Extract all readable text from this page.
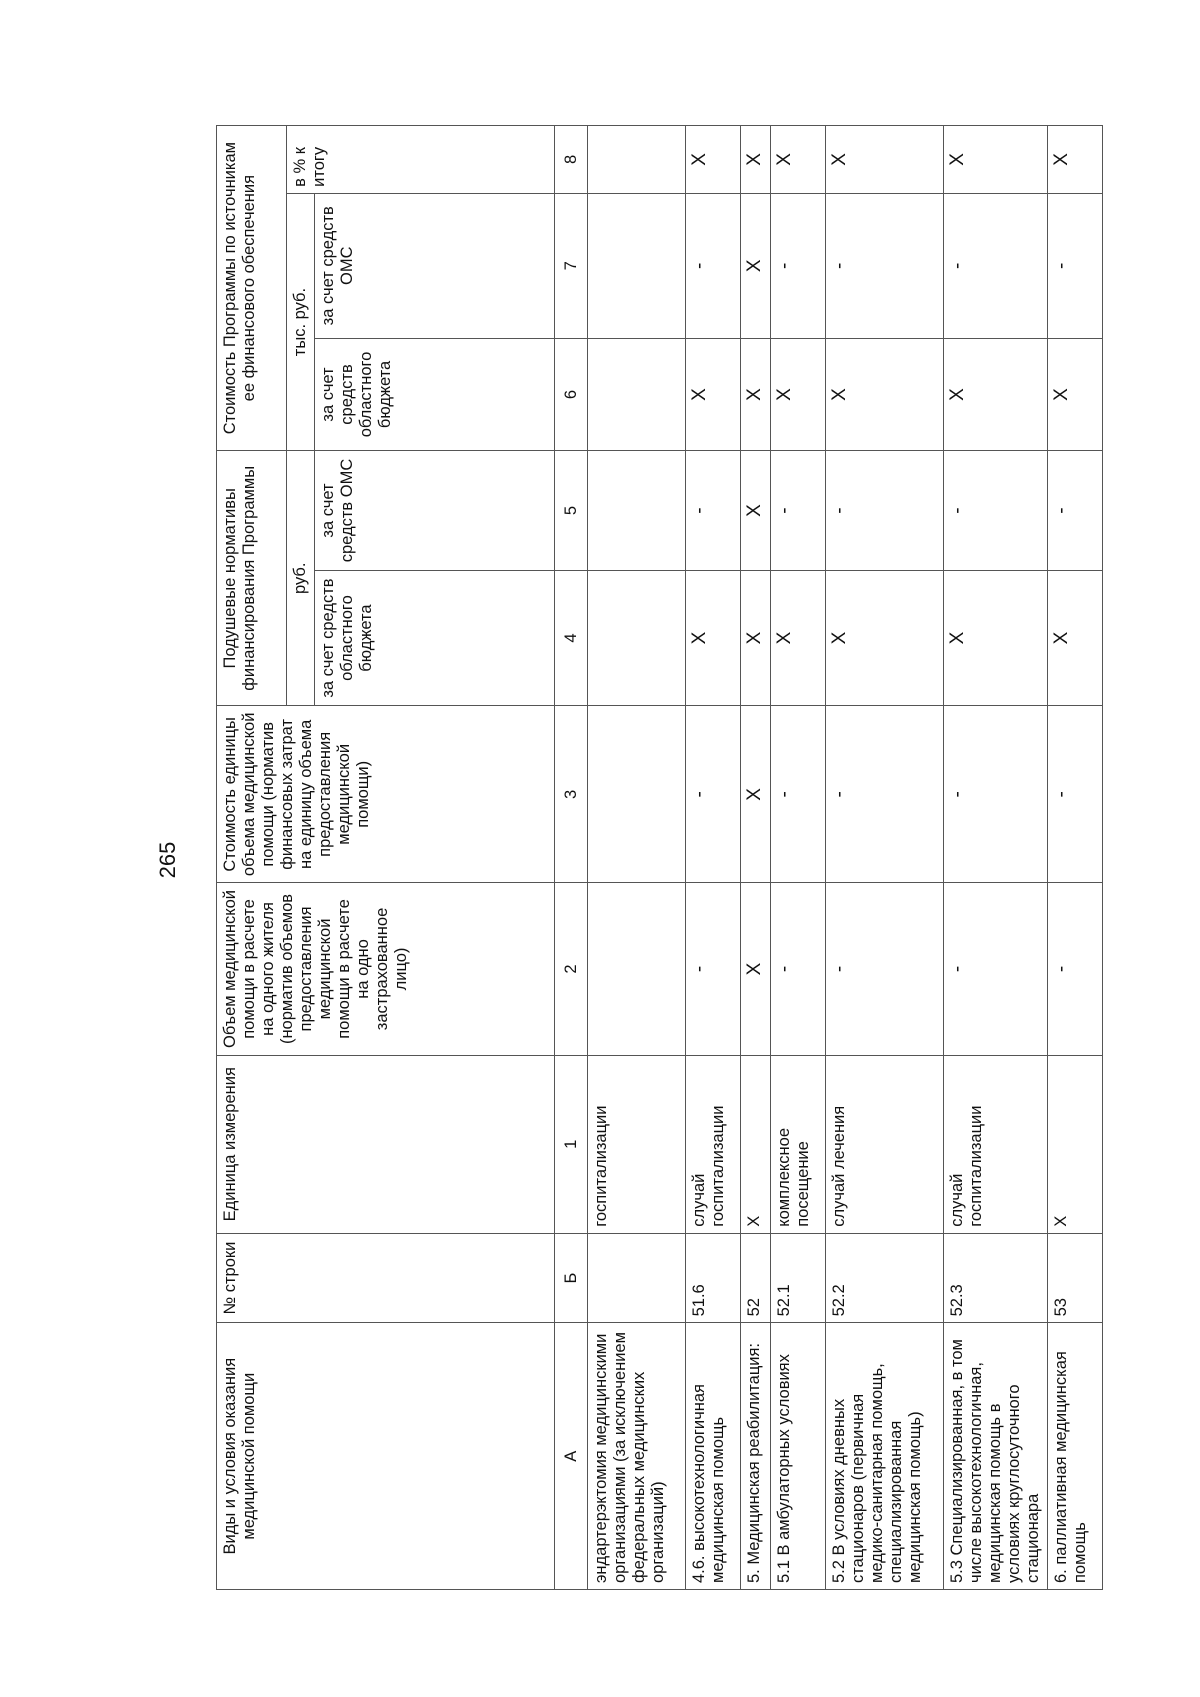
265
Виды и условия оказания медицинской помощи	№ строки	Единица измерения	Объем медицинской помощи в расчете на одного жителя (норматив объемов предоставления медицинской помощи в расчете на одно застрахованное лицо)	Стоимость единицы объема медицинской помощи (норматив финансовых затрат на единицу объема предоставления медицинской помощи)	Подушевые нормативы финансирования Программы		Стоимость Программы по источникам ее финансового обеспечения		
					руб.		тыс. руб.		в % к итогу
					за счет средств областного бюджета	за счет средств ОМС	за счет средств областного бюджета	за счет средств ОМС	
А	Б	1	2	3	4	5	6	7	8
эндартерэктомия медицинскими организациями (за исключением федеральных медицинских организаций)		госпитализации							
4.6. высокотехнологичная медицинская помощь	51.6	случай госпитализации	-	-	X	-	X	-	X
5. Медицинская реабилитация:	52	X	X	X	X	X	X	X	X
5.1 В амбулаторных условиях	52.1	комплексное посещение	-	-	X	-	X	-	X
5.2 В условиях дневных стационаров (первичная медико-санитарная помощь, специализированная медицинская помощь)	52.2	случай лечения	-	-	X	-	X	-	X
5.3 Специализированная, в том числе высокотехнологичная, медицинская помощь в условиях круглосуточного стационара	52.3	случай госпитализации	-	-	X	-	X	-	X
6. паллиативная медицинская помощь	53	X	-	-	X	-	X	-	X
